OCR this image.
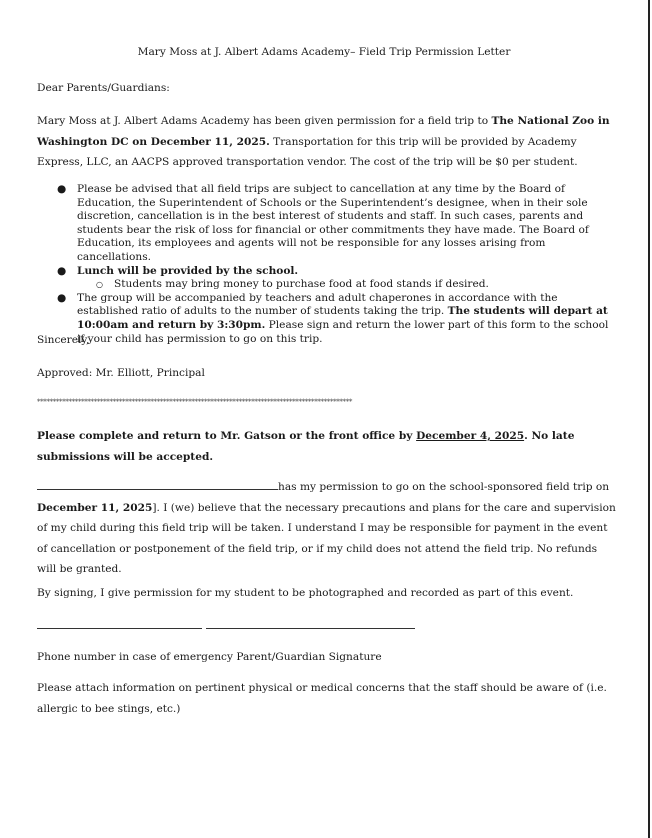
Mary Moss at J. Albert Adams Academy– Field Trip Permission Letter
Dear Parents/Guardians:
Mary Moss at J. Albert Adams Academy has been given permission for a field trip to The National Zoo in Washington DC on December 11, 2025. Transportation for this trip will be provided by Academy Express, LLC, an AACPS approved transportation vendor. The cost of the trip will be $0 per student.
● Please be advised that all field trips are subject to cancellation at any time by the Board of Education, the Superintendent of Schools or the Superintendent’s designee, when in their sole discretion, cancellation is in the best interest of students and staff. In such cases, parents and students bear the risk of loss for financial or other commitments they have made. The Board of Education, its employees and agents will not be responsible for any losses arising from cancellations.
● Lunch will be provided by the school.
○ Students may bring money to purchase food at food stands if desired.
● The group will be accompanied by teachers and adult chaperones in accordance with the established ratio of adults to the number of students taking the trip. The students will depart at 10:00am and return by 3:30pm. Please sign and return the lower part of this form to the school if your child has permission to go on this trip.
Sincerely,
Approved: Mr. Elliott, Principal
****************************************************************************************************
Please complete and return to Mr. Gatson or the front office by December 4, 2025. No late submissions will be accepted.
has my permission to go on the school-sponsored field trip on December 11, 2025]. I (we) believe that the necessary precautions and plans for the care and supervision of my child during this field trip will be taken. I understand I may be responsible for payment in the event of cancellation or postponement of the field trip, or if my child does not attend the field trip. No refunds will be granted.
By signing, I give permission for my student to be photographed and recorded as part of this event.
Phone number in case of emergency Parent/Guardian Signature
Please attach information on pertinent physical or medical concerns that the staff should be aware of (i.e. allergic to bee stings, etc.)
